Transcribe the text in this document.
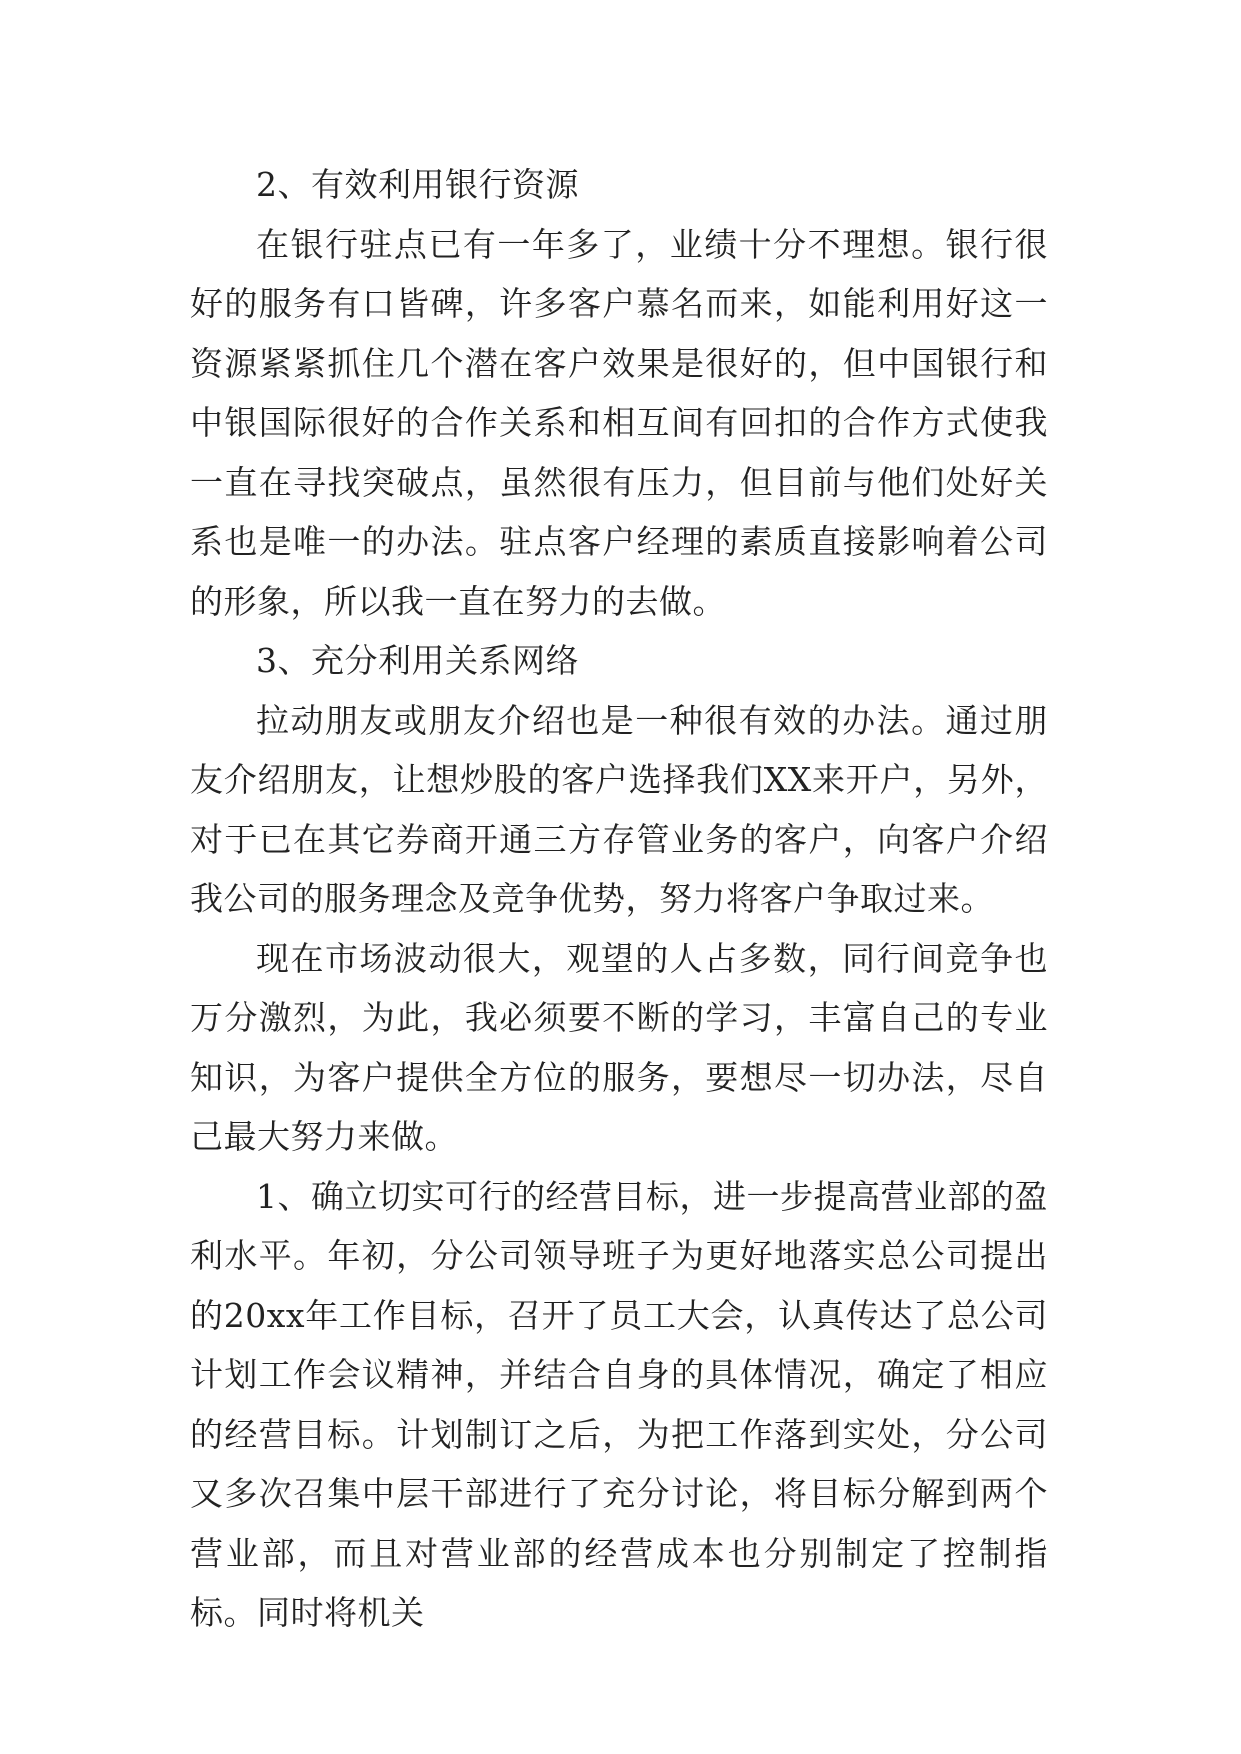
2、有效利用银行资源

在银行驻点已有一年多了，业绩十分不理想。银行很好的服务有口皆碑，许多客户慕名而来，如能利用好这一资源紧紧抓住几个潜在客户效果是很好的，但中国银行和中银国际很好的合作关系和相互间有回扣的合作方式使我一直在寻找突破点，虽然很有压力，但目前与他们处好关系也是唯一的办法。驻点客户经理的素质直接影响着公司的形象，所以我一直在努力的去做。

3、充分利用关系网络

拉动朋友或朋友介绍也是一种很有效的办法。通过朋友介绍朋友，让想炒股的客户选择我们XX来开户，另外，对于已在其它券商开通三方存管业务的客户，向客户介绍我公司的服务理念及竞争优势，努力将客户争取过来。

现在市场波动很大，观望的人占多数，同行间竞争也万分激烈，为此，我必须要不断的学习，丰富自己的专业知识，为客户提供全方位的服务，要想尽一切办法，尽自己最大努力来做。

1、确立切实可行的经营目标，进一步提高营业部的盈利水平。年初，分公司领导班子为更好地落实总公司提出的20xx年工作目标，召开了员工大会，认真传达了总公司计划工作会议精神，并结合自身的具体情况，确定了相应的经营目标。计划制订之后，为把工作落到实处，分公司又多次召集中层干部进行了充分讨论，将目标分解到两个营业部，而且对营业部的经营成本也分别制定了控制指标。同时将机关
